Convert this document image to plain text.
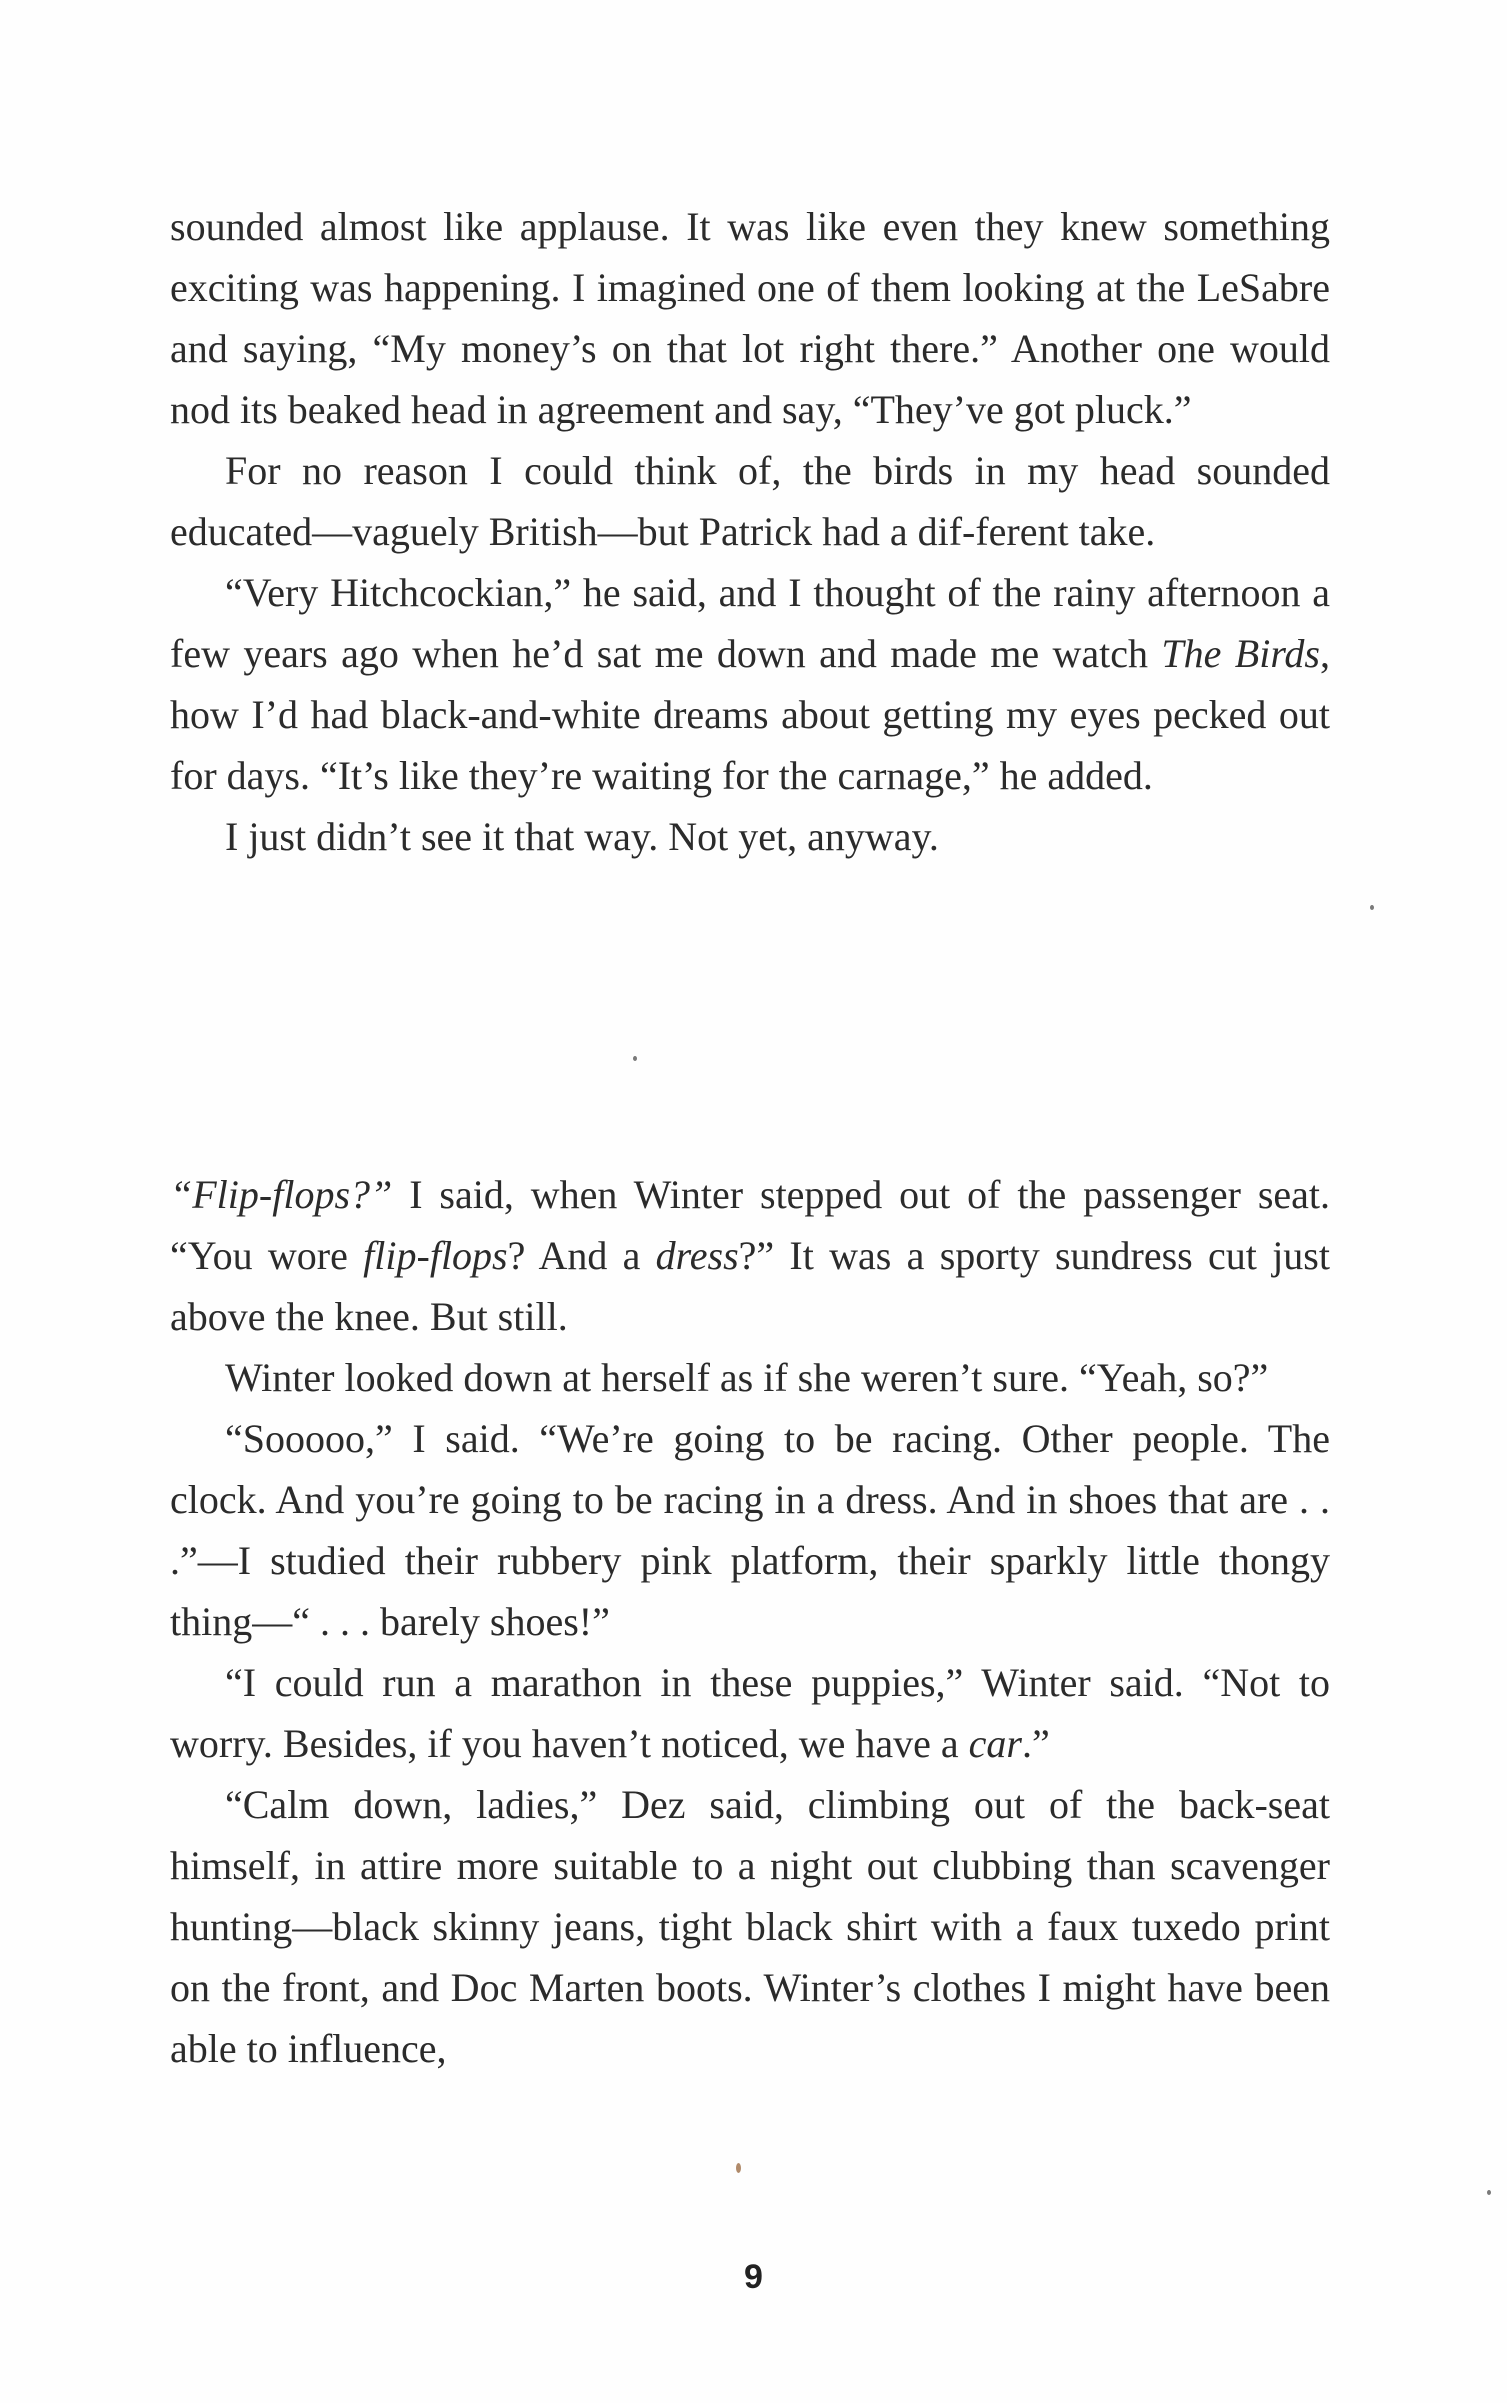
sounded almost like applause. It was like even they knew something exciting was happening. I imagined one of them looking at the LeSabre and saying, “My money’s on that lot right there.” Another one would nod its beaked head in agreement and say, “They’ve got pluck.”

For no reason I could think of, the birds in my head sounded educated—vaguely British—but Patrick had a dif-ferent take.

“Very Hitchcockian,” he said, and I thought of the rainy afternoon a few years ago when he’d sat me down and made me watch The Birds, how I’d had black-and-white dreams about getting my eyes pecked out for days. “It’s like they’re waiting for the carnage,” he added.

I just didn’t see it that way. Not yet, anyway.

“Flip-flops?” I said, when Winter stepped out of the passenger seat. “You wore flip-flops? And a dress?” It was a sporty sundress cut just above the knee. But still.

Winter looked down at herself as if she weren’t sure. “Yeah, so?”

“Sooooo,” I said. “We’re going to be racing. Other people. The clock. And you’re going to be racing in a dress. And in shoes that are . . .”—I studied their rubbery pink platform, their sparkly little thongy thing—“ . . . barely shoes!”

“I could run a marathon in these puppies,” Winter said. “Not to worry. Besides, if you haven’t noticed, we have a car.”

“Calm down, ladies,” Dez said, climbing out of the back-seat himself, in attire more suitable to a night out clubbing than scavenger hunting—black skinny jeans, tight black shirt with a faux tuxedo print on the front, and Doc Marten boots. Winter’s clothes I might have been able to influence,

9
